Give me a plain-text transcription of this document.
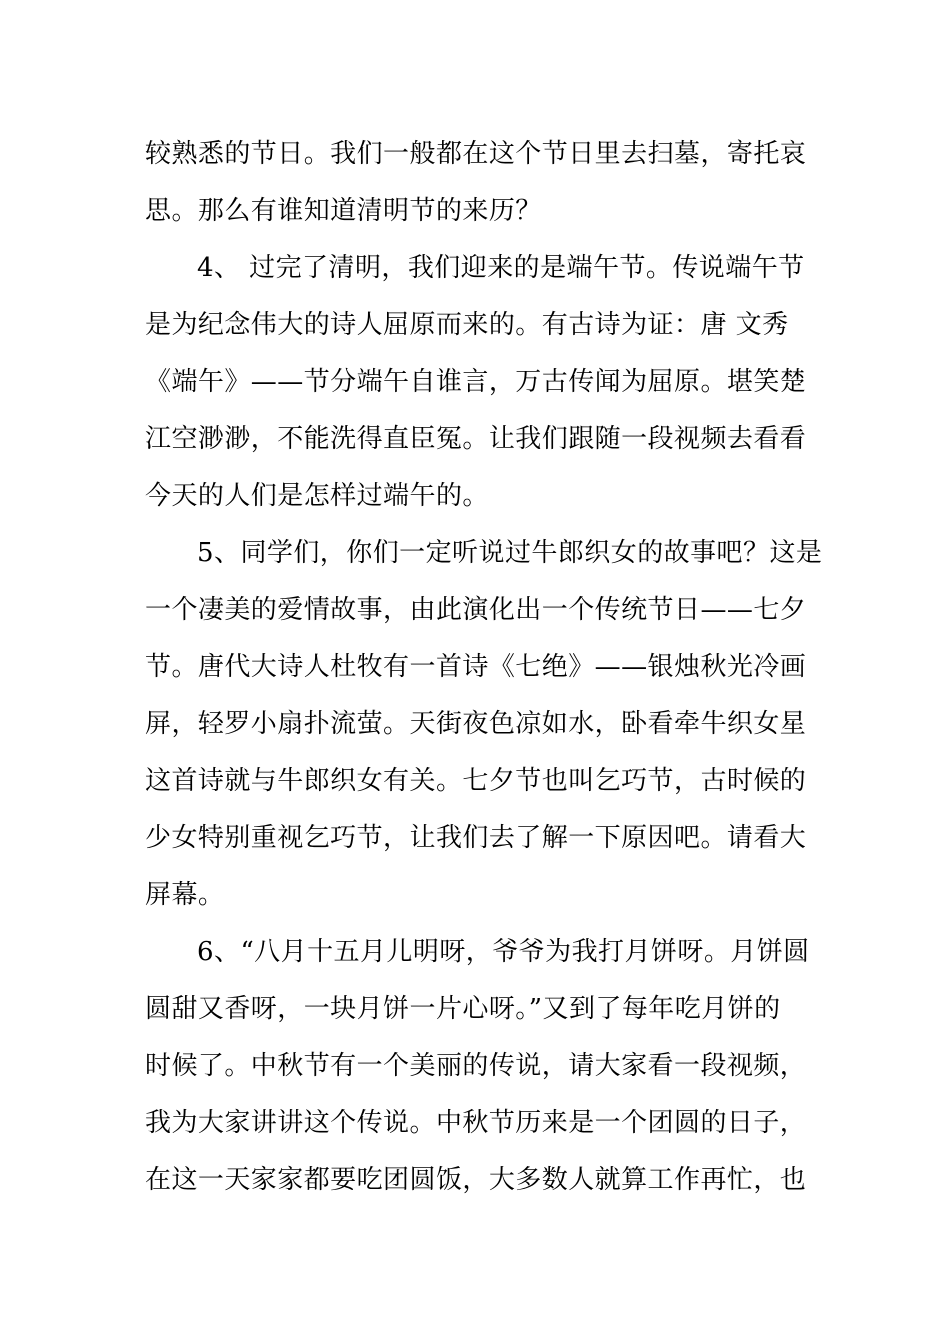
较熟悉的节日。我们一般都在这个节日里去扫墓，寄托哀
思。那么有谁知道清明节的来历？
4、 过完了清明，我们迎来的是端午节。传说端午节
是为纪念伟大的诗人屈原而来的。有古诗为证：唐 文秀
《端午》——节分端午自谁言，万古传闻为屈原。堪笑楚
江空渺渺，不能洗得直臣冤。让我们跟随一段视频去看看
今天的人们是怎样过端午的。
5、同学们，你们一定听说过牛郎织女的故事吧？这是
一个凄美的爱情故事，由此演化出一个传统节日——七夕
节。唐代大诗人杜牧有一首诗《七绝》——银烛秋光冷画
屏，轻罗小扇扑流萤。天街夜色凉如水，卧看牵牛织女星
这首诗就与牛郎织女有关。七夕节也叫乞巧节，古时候的
少女特别重视乞巧节，让我们去了解一下原因吧。请看大
屏幕。
6、“八月十五月儿明呀，爷爷为我打月饼呀。月饼圆
圆甜又香呀，一块月饼一片心呀。”又到了每年吃月饼的
时候了。中秋节有一个美丽的传说，请大家看一段视频，
我为大家讲讲这个传说。中秋节历来是一个团圆的日子，
在这一天家家都要吃团圆饭，大多数人就算工作再忙，也
